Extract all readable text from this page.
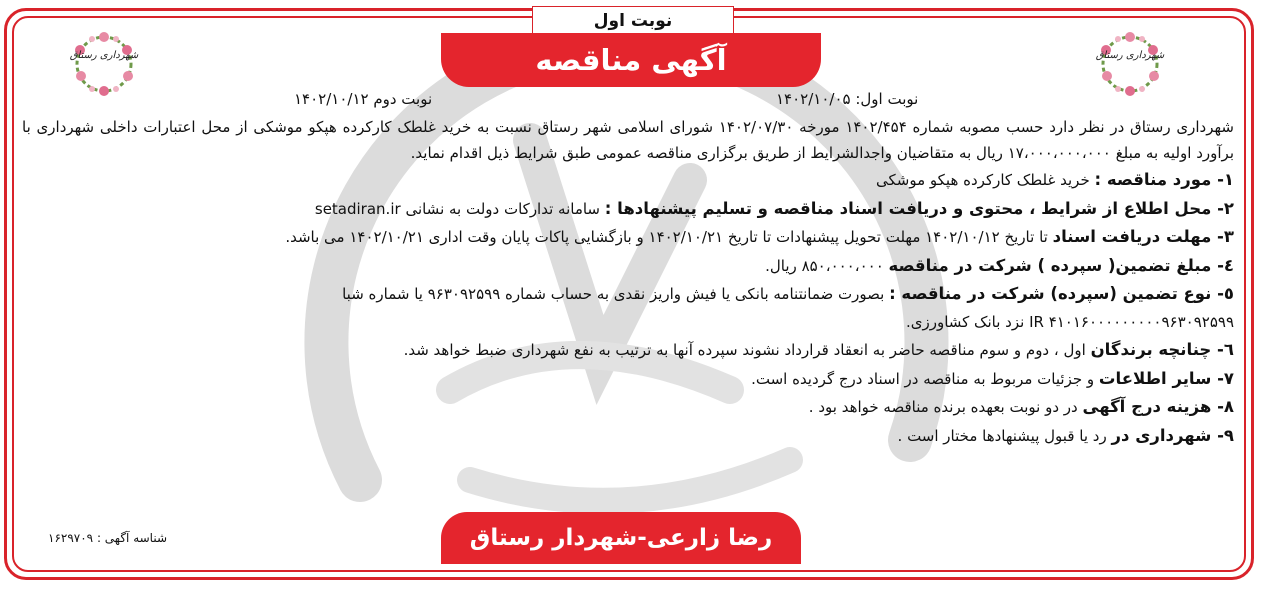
نوبت اول
آگهی مناقصه
شهرداری رستاق	شهرداری رستاق
نوبت اول: ۱۴۰۲/۱۰/۰۵
نوبت دوم ۱۴۰۲/۱۰/۱۲

شهرداری رستاق در نظر دارد حسب مصوبه شماره ۱۴۰۲/۴۵۴ مورخه ۱۴۰۲/۰۷/۳۰ شورای اسلامی شهر رستاق نسبت به خرید غلطک کارکرده هپکو موشکی از محل اعتبارات داخلی شهرداری با برآورد اولیه به مبلغ ۱۷،۰۰۰،۰۰۰،۰۰۰ ریال به متقاضیان واجدالشرایط از طریق برگزاری مناقصه عمومی طبق شرایط ذیل اقدام نماید.

۱- مورد مناقصه : خرید غلطک کارکرده هپکو موشکی

۲- محل اطلاع از شرایط ، محتوی و دریافت اسناد مناقصه و تسلیم پیشنهادها : سامانه تدارکات دولت به نشانی setadiran.ir

۳- مهلت دریافت اسناد تا تاریخ ۱۴۰۲/۱۰/۱۲ مهلت تحویل پیشنهادات تا تاریخ ۱۴۰۲/۱۰/۲۱ و بازگشایی پاکات پایان وقت اداری ۱۴۰۲/۱۰/۲۱ می باشد.

٤- مبلغ تضمین( سپرده ) شرکت در مناقصه ۸۵۰،۰۰۰،۰۰۰ ریال.

٥- نوع تضمین (سپرده) شرکت در مناقصه : بصورت ضمانتنامه بانکی یا فیش واریز نقدی به حساب شماره ۹۶۳۰۹۲۵۹۹ یا شماره شبا

IR ۴۱۰۱۶۰۰۰۰۰۰۰۰۰۹۶۳۰۹۲۵۹۹ نزد بانک کشاورزی.

٦- چنانچه برندگان اول ، دوم و سوم مناقصه حاضر به انعقاد قرارداد نشوند سپرده آنها به ترتیب به نفع شهرداری ضبط خواهد شد.

٧- سایر اطلاعات و جزئیات مربوط به مناقصه در اسناد درج گردیده است.

٨- هزینه درج آگهی در دو نوبت بعهده برنده مناقصه خواهد بود .

٩- شهرداری در رد یا قبول پیشنهادها مختار است .

رضا زارعی-شهردار رستاق
شناسه آگهی : ۱۶۲۹۷۰۹
